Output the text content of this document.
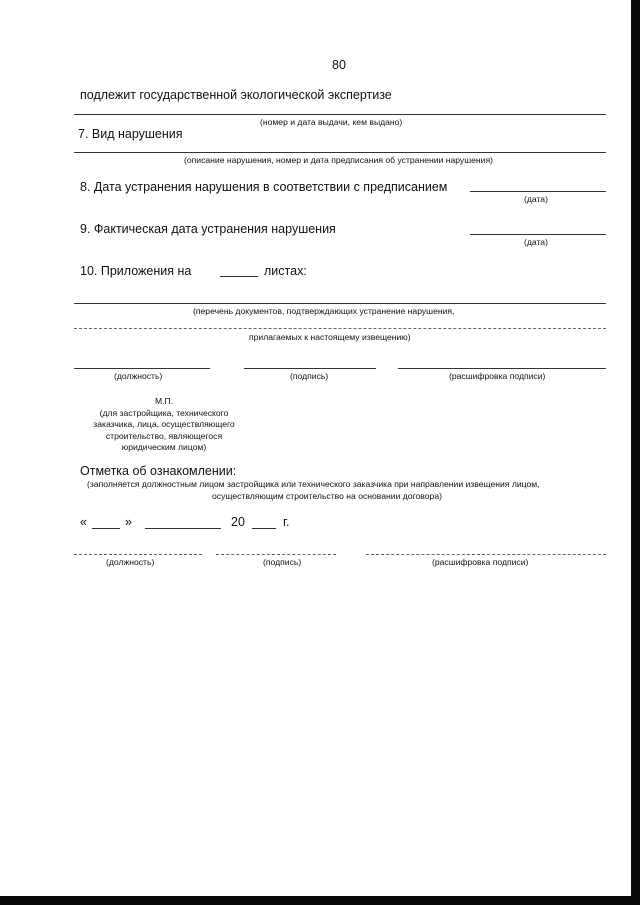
80
подлежит государственной экологической экспертизе
(номер и дата выдачи, кем выдано)
7. Вид нарушения
(описание нарушения, номер и дата предписания об устранении нарушения)
8. Дата устранения нарушения в соответствии с предписанием
(дата)
9. Фактическая дата устранения нарушения
(дата)
10. Приложения на	листах:
(перечень документов, подтверждающих устранение нарушения,
прилагаемых к настоящему извещению)
(должность)	(подпись)	(расшифровка подписи)
М.П.
(для застройщика, технического
заказчика, лица, осуществляющего
строительство, являющегося
юридическим лицом)
Отметка об ознакомлении:
(заполняется должностным лицом застройщика или технического заказчика при направлении извещения лицом,
осуществляющим строительство на основании договора)
«	»	20	г.
(должность)	(подпись)	(расшифровка подписи)
